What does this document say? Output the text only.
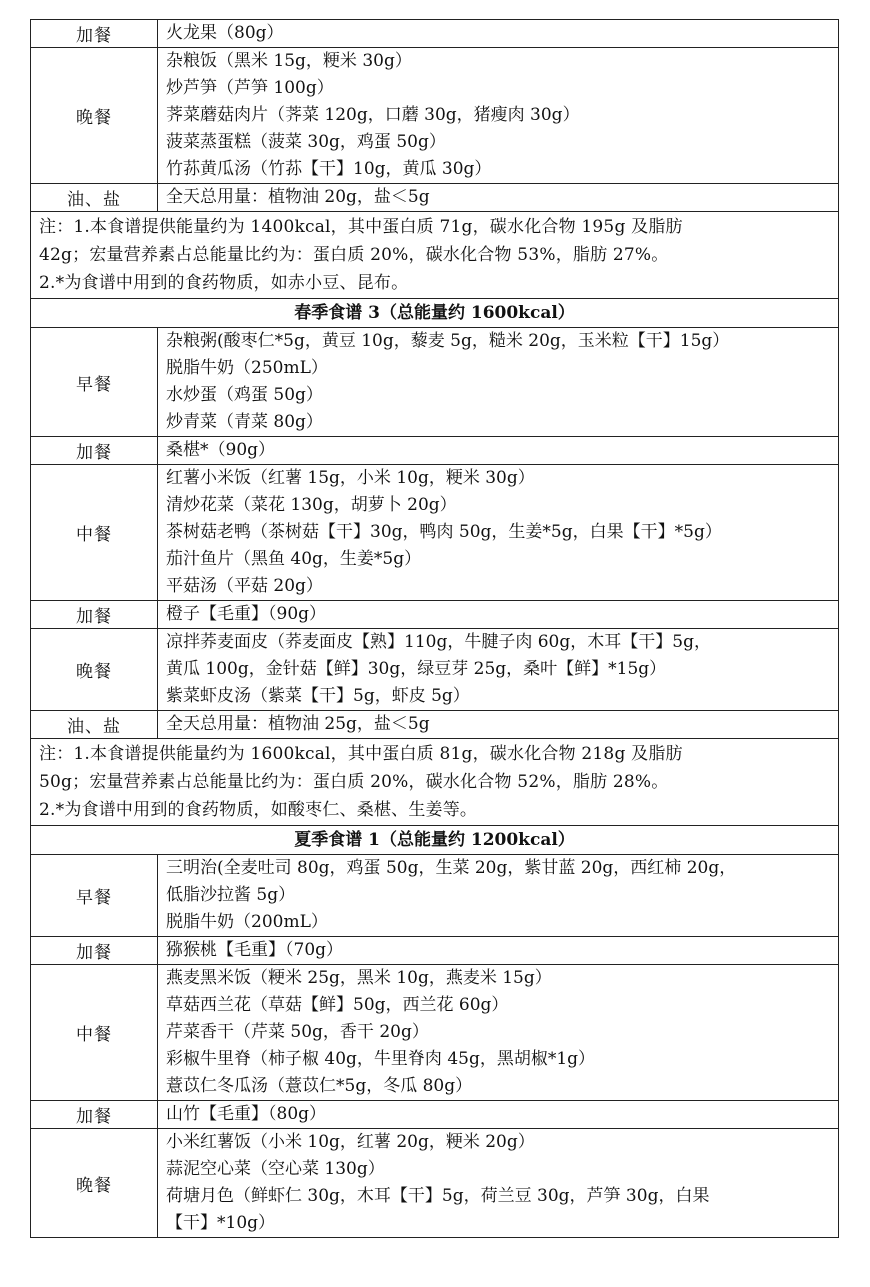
加餐	火龙果（80g）

晚餐	杂粮饭（黑米 15g，粳米 30g）
炒芦笋（芦笋 100g）
荠菜蘑菇肉片（荠菜 120g，口蘑 30g，猪瘦肉 30g）
菠菜蒸蛋糕（菠菜 30g，鸡蛋 50g）
竹荪黄瓜汤（竹荪【干】10g，黄瓜 30g）

油、盐	全天总用量：植物油 20g，盐＜5g

注：1.本食谱提供能量约为 1400kcal，其中蛋白质 71g，碳水化合物 195g 及脂肪
42g；宏量营养素占总能量比约为：蛋白质 20%，碳水化合物 53%，脂肪 27%。
2.*为食谱中用到的食药物质，如赤小豆、昆布。	

春季食谱 3（总能量约 1600kcal）	

早餐	杂粮粥(酸枣仁*5g，黄豆 10g，藜麦 5g，糙米 20g，玉米粒【干】15g）
脱脂牛奶（250mL）
水炒蛋（鸡蛋 50g）
炒青菜（青菜 80g）

加餐	桑椹*（90g）

中餐	红薯小米饭（红薯 15g，小米 10g，粳米 30g）
清炒花菜（菜花 130g，胡萝卜 20g）
茶树菇老鸭（茶树菇【干】30g，鸭肉 50g，生姜*5g，白果【干】*5g）
茄汁鱼片（黑鱼 40g，生姜*5g）
平菇汤（平菇 20g）

加餐	橙子【毛重】（90g）

晚餐	凉拌荞麦面皮（荞麦面皮【熟】110g，牛腱子肉 60g，木耳【干】5g，
黄瓜 100g，金针菇【鲜】30g，绿豆芽 25g，桑叶【鲜】*15g）
紫菜虾皮汤（紫菜【干】5g，虾皮 5g）

油、盐	全天总用量：植物油 25g，盐＜5g

注：1.本食谱提供能量约为 1600kcal，其中蛋白质 81g，碳水化合物 218g 及脂肪
50g；宏量营养素占总能量比约为：蛋白质 20%，碳水化合物 52%，脂肪 28%。
2.*为食谱中用到的食药物质，如酸枣仁、桑椹、生姜等。	

夏季食谱 1（总能量约 1200kcal）	

早餐	三明治(全麦吐司 80g，鸡蛋 50g，生菜 20g，紫甘蓝 20g，西红柿 20g，
低脂沙拉酱 5g）
脱脂牛奶（200mL）

加餐	猕猴桃【毛重】（70g）

中餐	燕麦黑米饭（粳米 25g，黑米 10g，燕麦米 15g）
草菇西兰花（草菇【鲜】50g，西兰花 60g）
芹菜香干（芹菜 50g，香干 20g）
彩椒牛里脊（柿子椒 40g，牛里脊肉 45g，黑胡椒*1g）
薏苡仁冬瓜汤（薏苡仁*5g，冬瓜 80g）

加餐	山竹【毛重】（80g）

晚餐	小米红薯饭（小米 10g，红薯 20g，粳米 20g）
蒜泥空心菜（空心菜 130g）
荷塘月色（鲜虾仁 30g，木耳【干】5g，荷兰豆 30g，芦笋 30g，白果
【干】*10g）
